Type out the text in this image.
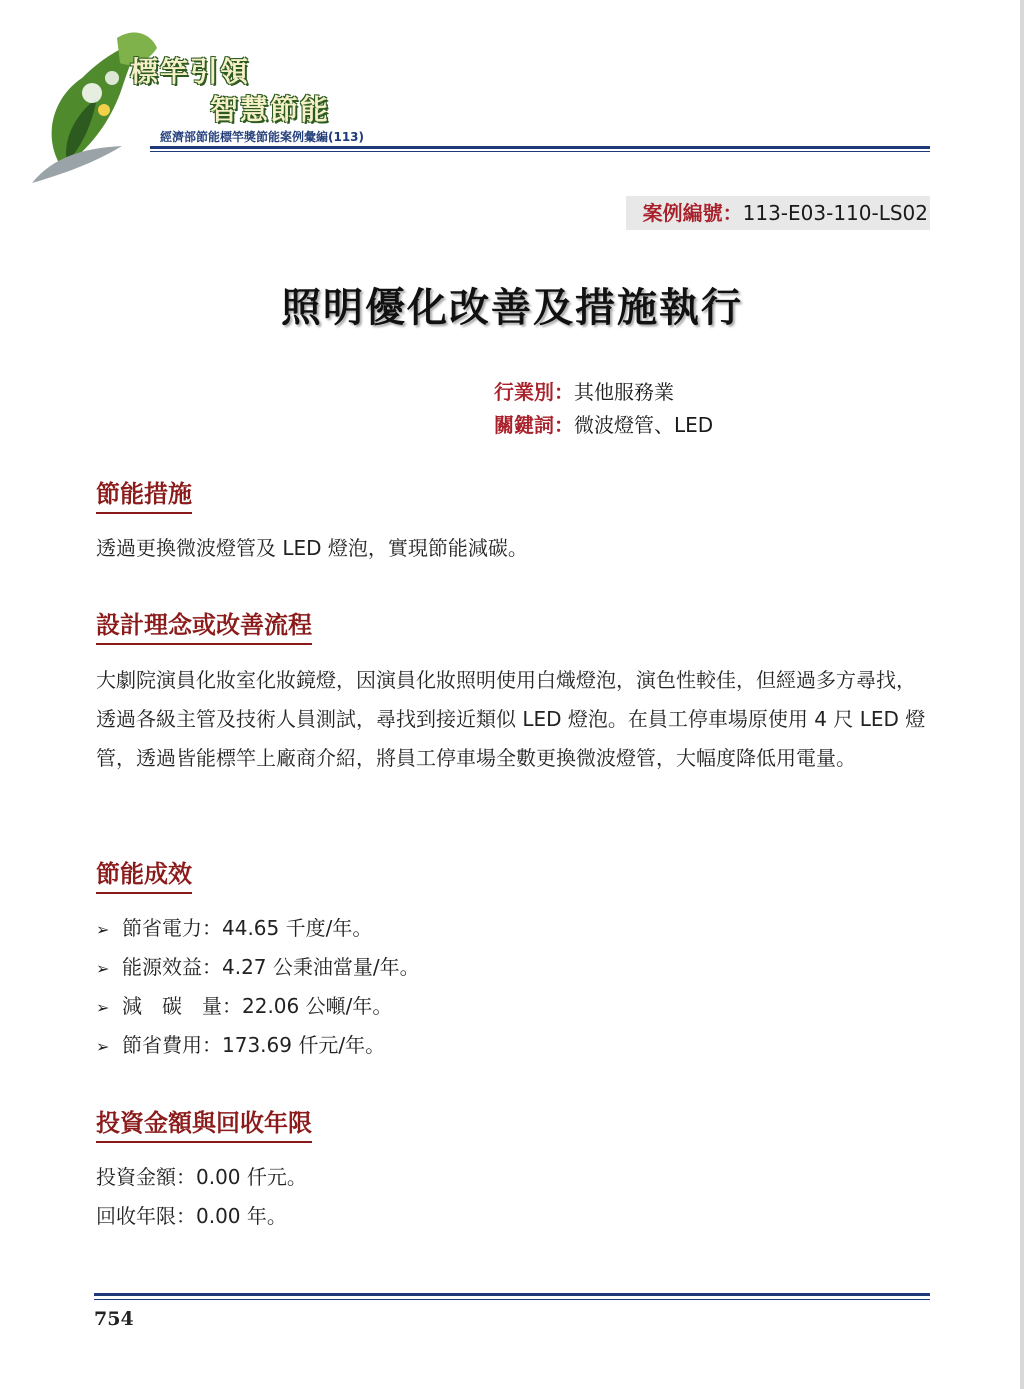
標竿引領
智慧節能
經濟部節能標竿獎節能案例彙編(113)
案例編號：113-E03-110-LS02
照明優化改善及措施執行
行業別：其他服務業
關鍵詞：微波燈管、LED
節能措施
透過更換微波燈管及 LED 燈泡，實現節能減碳。
設計理念或改善流程
大劇院演員化妝室化妝鏡燈，因演員化妝照明使用白熾燈泡，演色性較佳，但經過多方尋找，透過各級主管及技術人員測試，尋找到接近類似 LED 燈泡。在員工停車場原使用 4 尺 LED 燈管，透過皆能標竿上廠商介紹，將員工停車場全數更換微波燈管，大幅度降低用電量。
節能成效
➢ 節省電力：44.65 千度/年。
➢ 能源效益：4.27 公秉油當量/年。
➢ 減　碳　量：22.06 公噸/年。
➢ 節省費用：173.69 仟元/年。
投資金額與回收年限
投資金額：0.00 仟元。
回收年限：0.00 年。
754
